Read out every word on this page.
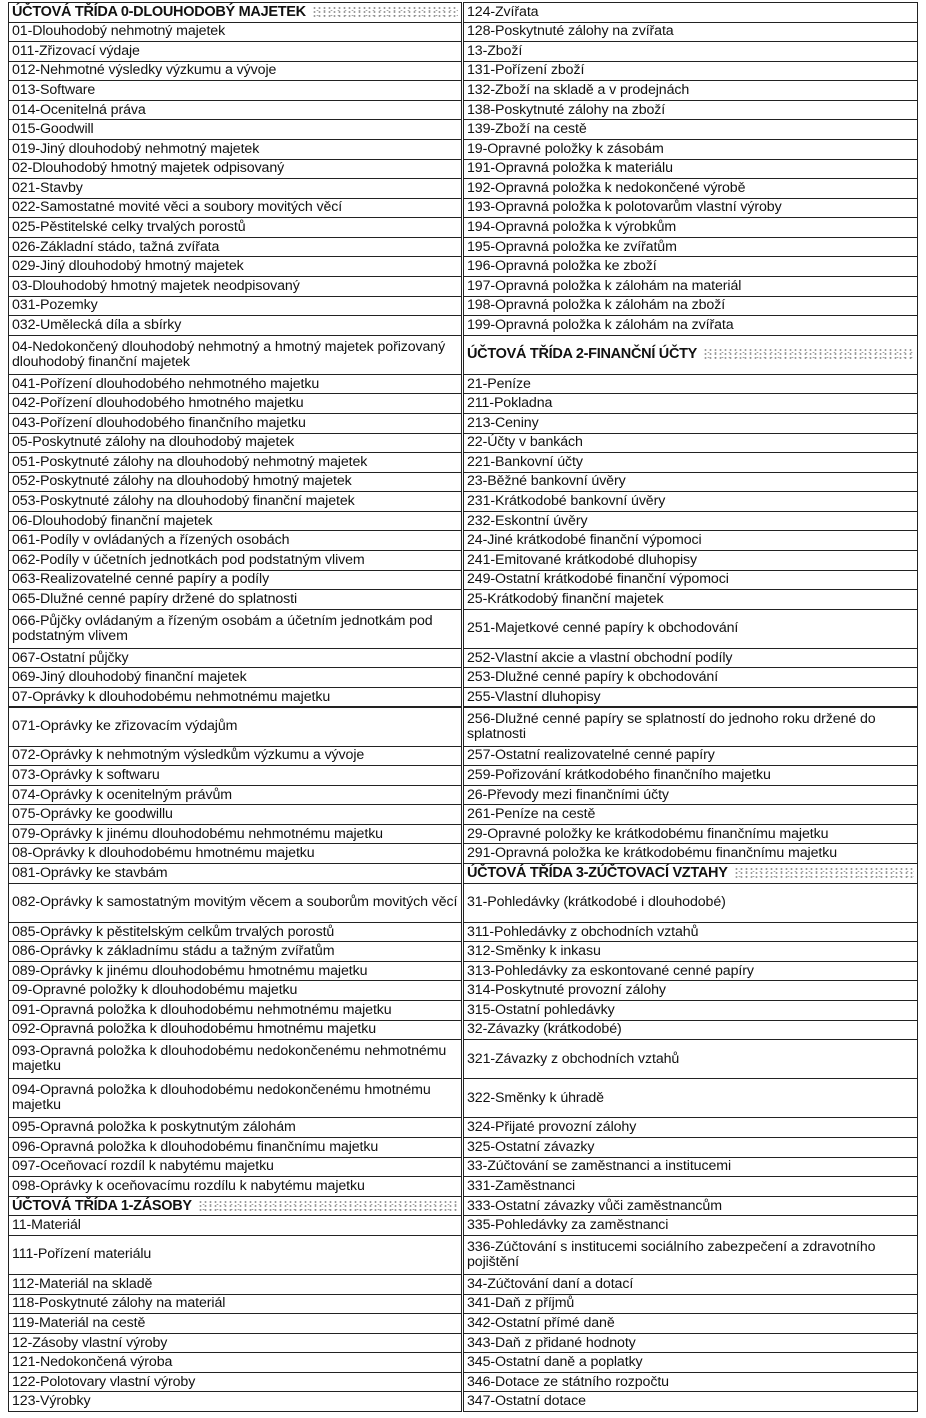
ÚČTOVÁ TŘÍDA 0-DLOUHODOBÝ MAJETEK
01-Dlouhodobý nehmotný majetek
011-Zřizovací výdaje
012-Nehmotné výsledky výzkumu a vývoje
013-Software
014-Ocenitelná práva
015-Goodwill
019-Jiný dlouhodobý nehmotný majetek
02-Dlouhodobý hmotný majetek odpisovaný
021-Stavby
022-Samostatné movité věci a soubory movitých věcí
025-Pěstitelské celky trvalých porostů
026-Základní stádo, tažná zvířata
029-Jiný dlouhodobý hmotný majetek
03-Dlouhodobý hmotný majetek neodpisovaný
031-Pozemky
032-Umělecká díla a sbírky
04-Nedokončený dlouhodobý nehmotný a hmotný majetek pořizovaný dlouhodobý finanční majetek
041-Pořízení dlouhodobého nehmotného majetku
042-Pořízení dlouhodobého hmotného majetku
043-Pořízení dlouhodobého finančního majetku
05-Poskytnuté zálohy na dlouhodobý majetek
051-Poskytnuté zálohy na dlouhodobý nehmotný majetek
052-Poskytnuté zálohy na dlouhodobý hmotný majetek
053-Poskytnuté zálohy na dlouhodobý finanční majetek
06-Dlouhodobý finanční majetek
061-Podíly v ovládaných a řízených osobách
062-Podíly v účetních jednotkách pod podstatným vlivem
063-Realizovatelné cenné papíry a podíly
065-Dlužné cenné papíry držené do splatnosti
066-Půjčky ovládaným a řízeným osobám a účetním jednotkám pod podstatným vlivem
067-Ostatní půjčky
069-Jiný dlouhodobý finanční majetek
07-Oprávky k dlouhodobému nehmotnému majetku
071-Oprávky ke zřizovacím výdajům
072-Oprávky k nehmotným výsledkům výzkumu a vývoje
073-Oprávky k softwaru
074-Oprávky k ocenitelným právům
075-Oprávky ke goodwillu
079-Oprávky k jinému dlouhodobému nehmotnému majetku
08-Oprávky k dlouhodobému hmotnému majetku
081-Oprávky ke stavbám
082-Oprávky k samostatným movitým věcem a souborům movitých věcí
085-Oprávky k pěstitelským celkům trvalých porostů
086-Oprávky k základnímu stádu a tažným zvířatům
089-Oprávky k jinému dlouhodobému hmotnému majetku
09-Opravné položky k dlouhodobému majetku
091-Opravná položka k dlouhodobému nehmotnému majetku
092-Opravná položka k dlouhodobému hmotnému majetku
093-Opravná položka k dlouhodobému nedokončenému nehmotnému majetku
094-Opravná položka k dlouhodobému nedokončenému hmotnému majetku
095-Opravná položka k poskytnutým zálohám
096-Opravná položka k dlouhodobému finančnímu majetku
097-Oceňovací rozdíl k nabytému majetku
098-Oprávky k oceňovacímu rozdílu k nabytému majetku
ÚČTOVÁ TŘÍDA 1-ZÁSOBY
11-Materiál
111-Pořízení materiálu
112-Materiál na skladě
118-Poskytnuté zálohy na materiál
119-Materiál na cestě
12-Zásoby vlastní výroby
121-Nedokončená výroba
122-Polotovary vlastní výroby
123-Výrobky
124-Zvířata
128-Poskytnuté zálohy na zvířata
13-Zboží
131-Pořízení zboží
132-Zboží na skladě a v prodejnách
138-Poskytnuté zálohy na zboží
139-Zboží na cestě
19-Opravné položky k zásobám
191-Opravná položka k materiálu
192-Opravná položka k nedokončené výrobě
193-Opravná položka k polotovarům vlastní výroby
194-Opravná položka k výrobkům
195-Opravná položka ke zvířatům
196-Opravná položka ke zboží
197-Opravná položka k zálohám na materiál
198-Opravná položka k zálohám na zboží
199-Opravná položka k zálohám na zvířata
ÚČTOVÁ TŘÍDA 2-FINANČNÍ ÚČTY
21-Peníze
211-Pokladna
213-Ceniny
22-Účty v bankách
221-Bankovní účty
23-Běžné bankovní úvěry
231-Krátkodobé bankovní úvěry
232-Eskontní úvěry
24-Jiné krátkodobé finanční výpomoci
241-Emitované krátkodobé dluhopisy
249-Ostatní krátkodobé finanční výpomoci
25-Krátkodobý finanční majetek
251-Majetkové cenné papíry k obchodování
252-Vlastní akcie a vlastní obchodní podíly
253-Dlužné cenné papíry k obchodování
255-Vlastní dluhopisy
256-Dlužné cenné papíry se splatností do jednoho roku držené do splatnosti
257-Ostatní realizovatelné cenné papíry
259-Pořizování krátkodobého finančního majetku
26-Převody mezi finančními účty
261-Peníze na cestě
29-Opravné položky ke krátkodobému finančnímu majetku
291-Opravná položka ke krátkodobému finančnímu majetku
ÚČTOVÁ TŘÍDA 3-ZÚČTOVACÍ VZTAHY
31-Pohledávky (krátkodobé i dlouhodobé)
311-Pohledávky z obchodních vztahů
312-Směnky k inkasu
313-Pohledávky za eskontované cenné papíry
314-Poskytnuté provozní zálohy
315-Ostatní pohledávky
32-Závazky (krátkodobé)
321-Závazky z obchodních vztahů
322-Směnky k úhradě
324-Přijaté provozní zálohy
325-Ostatní závazky
33-Zúčtování se zaměstnanci a institucemi
331-Zaměstnanci
333-Ostatní závazky vůči zaměstnancům
335-Pohledávky za zaměstnanci
336-Zúčtování s institucemi sociálního zabezpečení a zdravotního pojištění
34-Zúčtování daní a dotací
341-Daň z příjmů
342-Ostatní přímé daně
343-Daň z přidané hodnoty
345-Ostatní daně a poplatky
346-Dotace ze státního rozpočtu
347-Ostatní dotace
